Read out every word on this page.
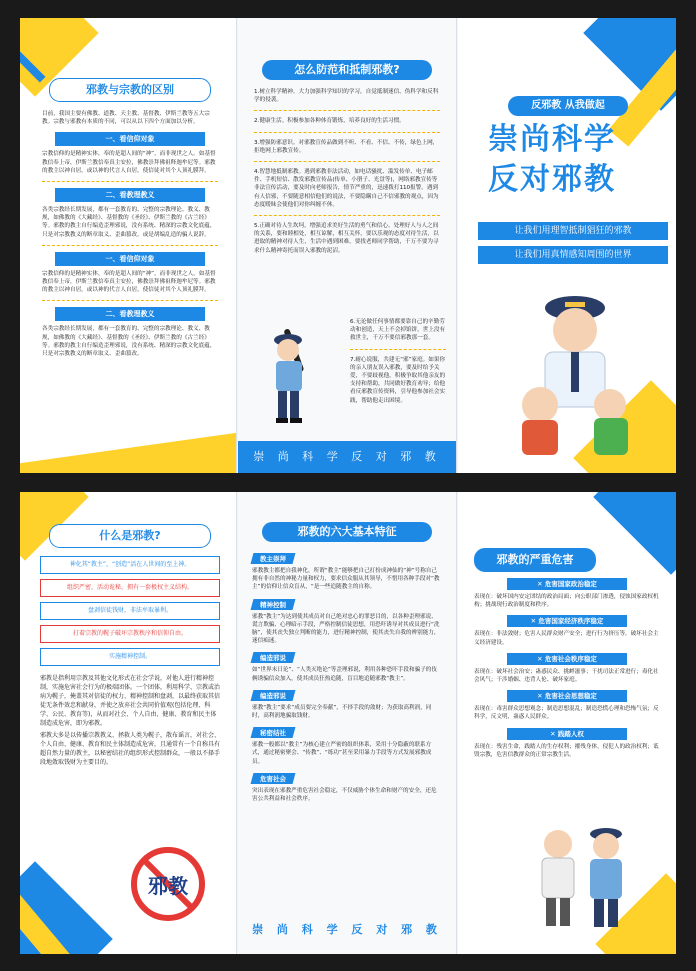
邪教与宗教的区别
目前，我国主要有佛教、道教、天主教、基督教、伊斯兰教等五大宗教。宗教与邪教有本质的不同，可以从以下四个方面加以分析。
一、看信仰对象
宗教信仰的是精神实体，奉的是超人间的“神”，而非现世之人。如基督教信奉上帝，伊斯兰教信奉真主安拉，佛教崇拜佛祖释迦牟尼等。邪教的教主以神自居，或以神的代言人自居，使信徒对其个人顶礼膜拜。
二、看教理教义
各类宗教经长期发展，都有一套教育的、完整的宗教理论、教义、教规，如佛教的《大藏经》、基督教的《圣经》、伊斯兰教的《古兰经》等。邪教的教主自行编造歪理邪说，没有系统、精深的宗教文化底蕴，只是对宗教教义的断章取义、歪曲篡改，或是胡编乱造的骗人说辞。
一、看信仰对象
宗教信仰的是精神实体，奉的是超人间的“神”，而非现世之人。如基督教信奉上帝，伊斯兰教信奉真主安拉，佛教崇拜佛祖释迦牟尼等。邪教的教主以神自居，或以神的代言人自居，使信徒对其个人顶礼膜拜。
二、看教理教义
各类宗教经长期发展，都有一套教育的、完整的宗教理论、教义、教规，如佛教的《大藏经》、基督教的《圣经》、伊斯兰教的《古兰经》等。邪教的教主自行编造歪理邪说，没有系统、精深的宗教文化底蕴，只是对宗教教义的断章取义、歪曲篡改。
怎么防范和抵制邪教?
1.树立科学精神。大力加强科学知识的学习，自觉抵制迷信、伪科学和反科学的侵袭。
2.健康生活。积极参加各种体育锻炼，培养良好的生活习惯。
3.增强防邪意识。对邪教宣传品做到不听、不看、不信、不传，绿色上网，拒绝网上邪教宣传。
4.智慧地抵制邪教。遇到邪教非法活动，如电话骚扰、滥发传单、电子邮件、手机短信、散发邪教宣传品(传单、小册子、光盘等)，网络邪教宣传等非法宣传活动，要及时向老师报告，情节严重的，迅速拨打110报警。遇到有人信邪，不要随意相信他们的说法，不要隐瞒自己不信邪教的观点，因为态度暧昧会使他们对你纠缠不休。
5.正确对待人生坎坷，增强追求美好生活的勇气和信心。处理好人与人之间的关系，要和睦相处，相互谅解，相互关怀，要以乐观的态度对待生活，以进取的精神对待人生，生活中遇到困难，要找老师同学帮助，千万不要为寻求什么精神寄托而误入邪教的泥沼。
6.无论做任何事情都要靠自己的辛勤劳动和创造，天上不会掉馅饼，世上没有救世主，千万不要信邪教那一套。
7.耐心说服，共建无“邪”家庭。如果你的亲人朋友误入邪教，要及时给予关爱，不要歧视他，积极争取其他亲友的支持和帮助，共同做好教育劝导；给他看反邪教宣传资料，引导他参加社会实践，帮助他走出困境。
崇 尚 科 学 反 对 邪 教
反邪教 从我做起
崇尚科学
反对邪教
让我们用理智抵制猖狂的邪教
让我们用真情感知周围的世界
什么是邪教?
神化其“教主”，“创造”活在人世间的至上神。
组织严密，活动诡秘，拥有一套极权主义结构。
盘剥信徒钱财，非法牟取暴利。
打着宗教的幌子破坏宗教秩序和信仰自由。
实施精神控制。
邪教是指利用宗教及其他文化形式在社会学说，对他人进行精神控制，实施危害社会行为的极端团体。一个团体，利用科学、宗教或治病为幌子，掩盖其对信徒的权力、精神控制和盘剥，以最终获取其信徒无条件效忠和献身，并使之放弃社会共同价值观(包括伦理、科学、公民、教育等)，从而对社会、个人自由、健康、教育和民主体制造成危害，即为邪教。
邪教大多是以传播宗教教义、拯救人类为幌子，散布谣言，对社会、个人自由、健康、教育和民主体制造成危害，且通常有一个自称具有超自然力量的教主，以秘密结社的组织形式控制群众，一般以不择手段地敛取钱财为主要目的。
邪教
邪教的六大基本特征
教主崇拜
邪教教主都把自我神化，所谓“教主”能够把自己打扮成神仙的“神”号称自己拥有非自然的神秘力量和权力，要求信众服从其领导，不惜用各种手段对“教主”的信仰让信众盲从，“是一些追随教主的自称。
精神控制
邪教“教主”为达到使其成员对自己绝对忠心的罪恶目的，以各种歪理邪说、谎言欺骗、心理暗示手段，严格控制信徒思想，用恐吓诱导对其成员进行“洗脑”，使其丧失独立判断的能力，进行精神控制，使其丧失自我的辨别能力，迷信痴迷。
编造邪说
如“世界末日论”、“人类灭绝论”等歪理邪说，利用各种恐吓手段和骗子的伎俩诱骗信众加入，使其成员狂热追随，盲目地追随邪教“教主”。
编造邪说
邪教“教主”要求“成员要完全奉献”，不择手段的敛财；为获取高利润，同时，高利润地骗取钱财。
秘密结社
邪教一般都以“教主”为核心建立严密的组织体系，采用十分隐蔽的联系方式，通过秘密聚会、“传教”、“练功”甚至采用暴力手段等方式发展邪教成员。
危害社会
突出表现在邪教严重危害社会稳定，不仅威胁个体生命和财产的安全，还危害公共利益和社会秩序。
崇 尚 科 学 反 对 邪 教
邪教的严重危害
✕ 危害国家政治稳定
表现在：破坏国内安定团结的政治局面；向公职部门渗透，侵蚀国家政权机构；挑战现行政治制度和秩序。
✕ 危害国家经济秩序稳定
表现在：非法敛财；危害人民群众财产安全；进行行为挤压等，破坏社会主义经济建设。
✕ 危害社会秩序稳定
表现在：破坏社会治安；蛊惑民众、挑衅滋事；干扰司法正常进行；毒化社会风气；干涉婚姻、违背人伦、破坏家庭。
✕ 危害社会思想稳定
表现在：毒害群众思想观念；制造思想混乱；制造恐慌心理和恐怖气氛；反科学，反文明，蛊惑人民群众。
✕ 践踏人权
表现在：残害生命，践踏人的生存权利；摧残身体，侵犯人的政治权利；诋毁宗教，危害信教群众的正常宗教生活。
